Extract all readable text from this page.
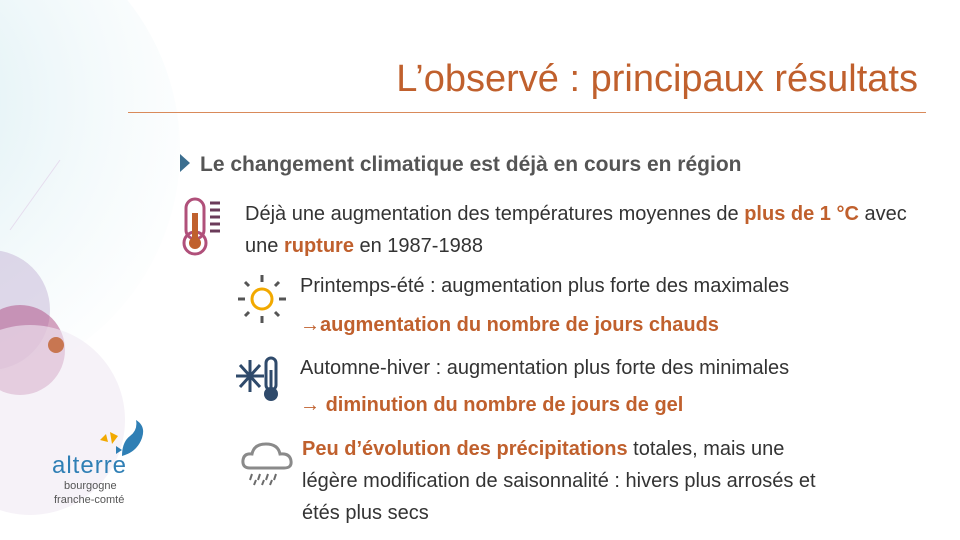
L’observé : principaux résultats
Le changement climatique est déjà en cours en région
Déjà une augmentation des températures moyennes de plus de 1 °C avec une rupture en 1987-1988
Printemps-été : augmentation plus forte des maximales
→augmentation du nombre de jours chauds
Automne-hiver : augmentation plus forte des minimales
→ diminution du nombre de jours de gel
Peu d’évolution des précipitations totales, mais une
légère modification de saisonnalité : hivers plus arrosés et
étés plus secs
alterre
bourgogne
franche-comté
